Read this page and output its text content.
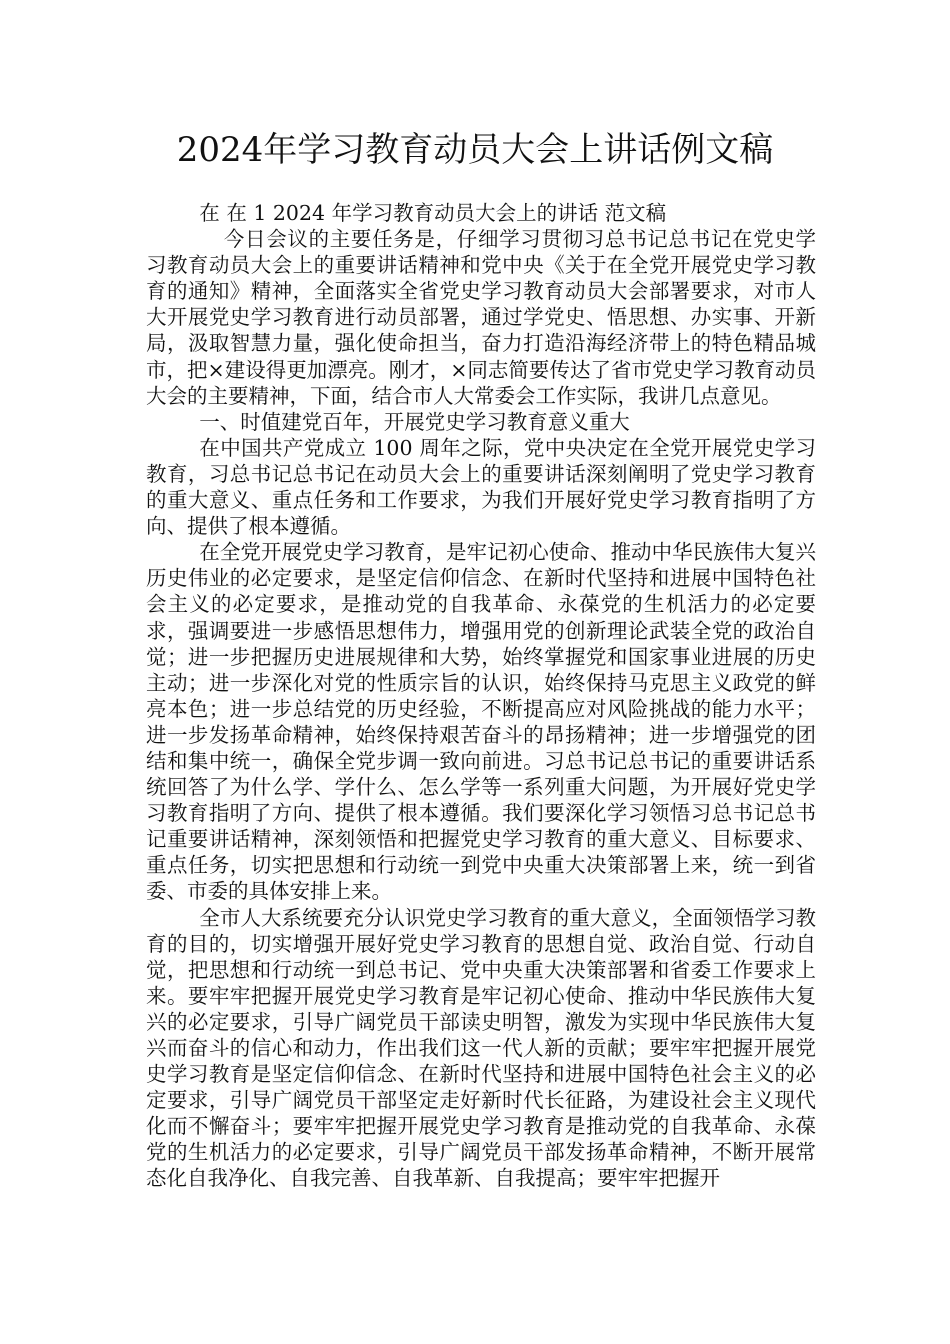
2024年学习教育动员大会上讲话例文稿

在 在 1 2024 年学习教育动员大会上的讲话 范文稿

今日会议的主要任务是，仔细学习贯彻习总书记总书记在党史学习教育动员大会上的重要讲话精神和党中央《关于在全党开展党史学习教育的通知》精神，全面落实全省党史学习教育动员大会部署要求，对市人大开展党史学习教育进行动员部署，通过学党史、悟思想、办实事、开新局，汲取智慧力量，强化使命担当，奋力打造沿海经济带上的特色精品城市，把×建设得更加漂亮。刚才，×同志简要传达了省市党史学习教育动员大会的主要精神，下面，结合市人大常委会工作实际，我讲几点意见。

一、时值建党百年，开展党史学习教育意义重大

在中国共产党成立 100 周年之际，党中央决定在全党开展党史学习教育，习总书记总书记在动员大会上的重要讲话深刻阐明了党史学习教育的重大意义、重点任务和工作要求，为我们开展好党史学习教育指明了方向、提供了根本遵循。

在全党开展党史学习教育，是牢记初心使命、推动中华民族伟大复兴历史伟业的必定要求，是坚定信仰信念、在新时代坚持和进展中国特色社会主义的必定要求，是推动党的自我革命、永葆党的生机活力的必定要求，强调要进一步感悟思想伟力，增强用党的创新理论武装全党的政治自觉；进一步把握历史进展规律和大势，始终掌握党和国家事业进展的历史主动；进一步深化对党的性质宗旨的认识，始终保持马克思主义政党的鲜亮本色；进一步总结党的历史经验，不断提高应对风险挑战的能力水平；进一步发扬革命精神，始终保持艰苦奋斗的昂扬精神；进一步增强党的团结和集中统一，确保全党步调一致向前进。习总书记总书记的重要讲话系统回答了为什么学、学什么、怎么学等一系列重大问题，为开展好党史学习教育指明了方向、提供了根本遵循。我们要深化学习领悟习总书记总书记重要讲话精神，深刻领悟和把握党史学习教育的重大意义、目标要求、重点任务，切实把思想和行动统一到党中央重大决策部署上来，统一到省委、市委的具体安排上来。

全市人大系统要充分认识党史学习教育的重大意义，全面领悟学习教育的目的，切实增强开展好党史学习教育的思想自觉、政治自觉、行动自觉，把思想和行动统一到总书记、党中央重大决策部署和省委工作要求上来。要牢牢把握开展党史学习教育是牢记初心使命、推动中华民族伟大复兴的必定要求，引导广阔党员干部读史明智，激发为实现中华民族伟大复兴而奋斗的信心和动力，作出我们这一代人新的贡献；要牢牢把握开展党史学习教育是坚定信仰信念、在新时代坚持和进展中国特色社会主义的必定要求，引导广阔党员干部坚定走好新时代长征路，为建设社会主义现代化而不懈奋斗；要牢牢把握开展党史学习教育是推动党的自我革命、永葆党的生机活力的必定要求，引导广阔党员干部发扬革命精神，不断开展常态化自我净化、自我完善、自我革新、自我提高；要牢牢把握开
